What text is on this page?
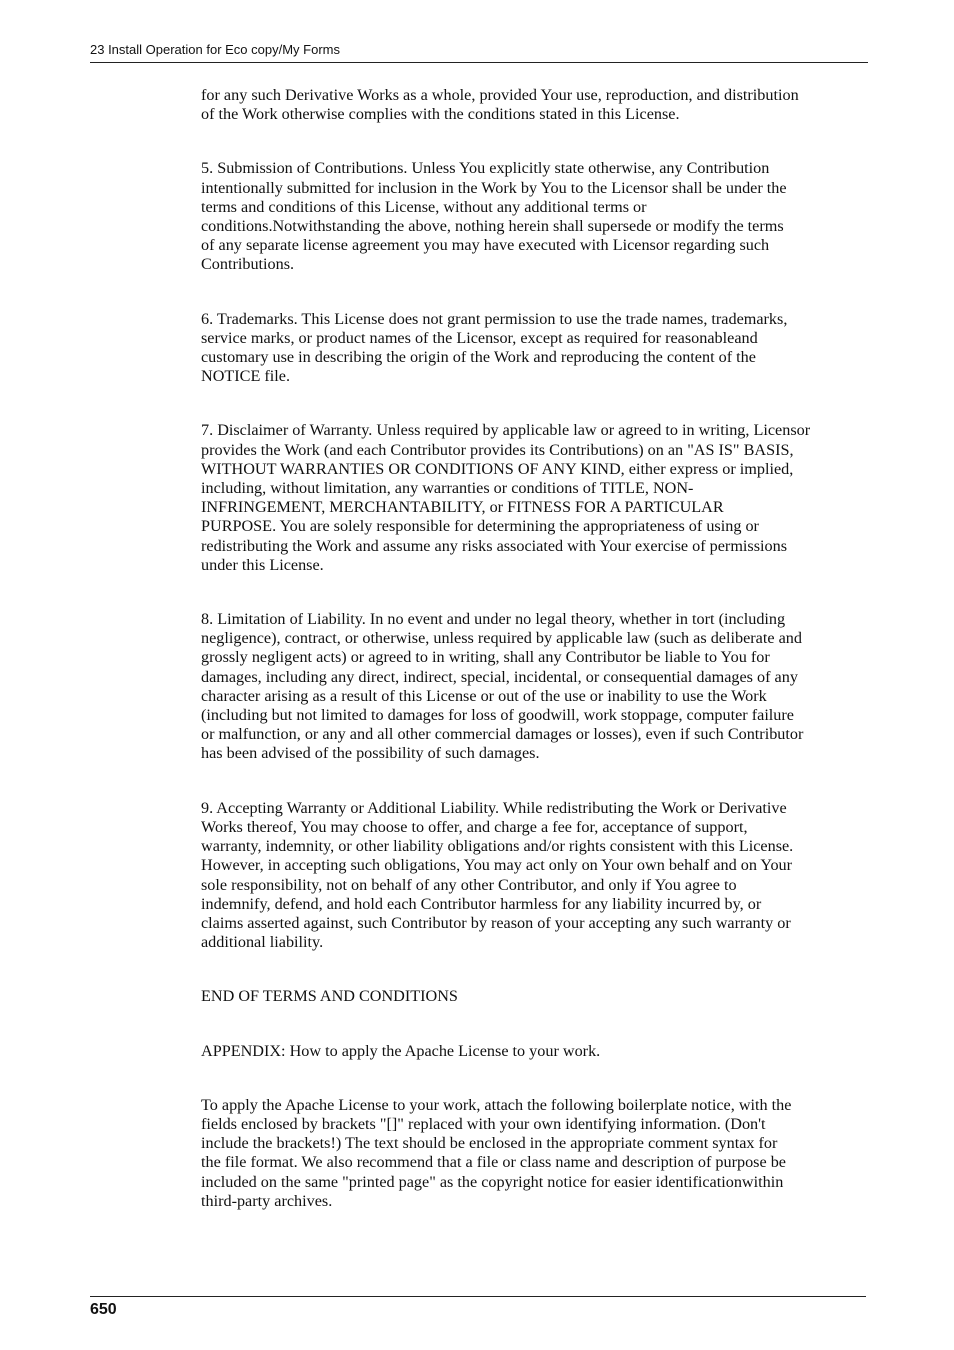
23 Install Operation for Eco copy/My Forms

for any such Derivative Works as a whole, provided Your use, reproduction, and distribution
of the Work otherwise complies with the conditions stated in this License.

5. Submission of Contributions. Unless You explicitly state otherwise, any Contribution
intentionally submitted for inclusion in the Work by You to the Licensor shall be under the
terms and conditions of this License, without any additional terms or
conditions.Notwithstanding the above, nothing herein shall supersede or modify the terms
of any separate license agreement you may have executed with Licensor regarding such
Contributions.

6. Trademarks. This License does not grant permission to use the trade names, trademarks,
service marks, or product names of the Licensor, except as required for reasonableand
customary use in describing the origin of the Work and reproducing the content of the
NOTICE file.

7. Disclaimer of Warranty. Unless required by applicable law or agreed to in writing, Licensor
provides the Work (and each Contributor provides its Contributions) on an "AS IS" BASIS,
WITHOUT WARRANTIES OR CONDITIONS OF ANY KIND, either express or implied,
including, without limitation, any warranties or conditions of TITLE, NON-
INFRINGEMENT, MERCHANTABILITY, or FITNESS FOR A PARTICULAR
PURPOSE. You are solely responsible for determining the appropriateness of using or
redistributing the Work and assume any risks associated with Your exercise of permissions
under this License.

8. Limitation of Liability. In no event and under no legal theory, whether in tort (including
negligence), contract, or otherwise, unless required by applicable law (such as deliberate and
grossly negligent acts) or agreed to in writing, shall any Contributor be liable to You for
damages, including any direct, indirect, special, incidental, or consequential damages of any
character arising as a result of this License or out of the use or inability to use the Work
(including but not limited to damages for loss of goodwill, work stoppage, computer failure
or malfunction, or any and all other commercial damages or losses), even if such Contributor
has been advised of the possibility of such damages.

9. Accepting Warranty or Additional Liability. While redistributing the Work or Derivative
Works thereof, You may choose to offer, and charge a fee for, acceptance of support,
warranty, indemnity, or other liability obligations and/or rights consistent with this License.
However, in accepting such obligations, You may act only on Your own behalf and on Your
sole responsibility, not on behalf of any other Contributor, and only if You agree to
indemnify, defend, and hold each Contributor harmless for any liability incurred by, or
claims asserted against, such Contributor by reason of your accepting any such warranty or
additional liability.

END OF TERMS AND CONDITIONS

APPENDIX: How to apply the Apache License to your work.

To apply the Apache License to your work, attach the following boilerplate notice, with the
fields enclosed by brackets "[]" replaced with your own identifying information. (Don't
include the brackets!) The text should be enclosed in the appropriate comment syntax for
the file format. We also recommend that a file or class name and description of purpose be
included on the same "printed page" as the copyright notice for easier identificationwithin
third-party archives.

650
